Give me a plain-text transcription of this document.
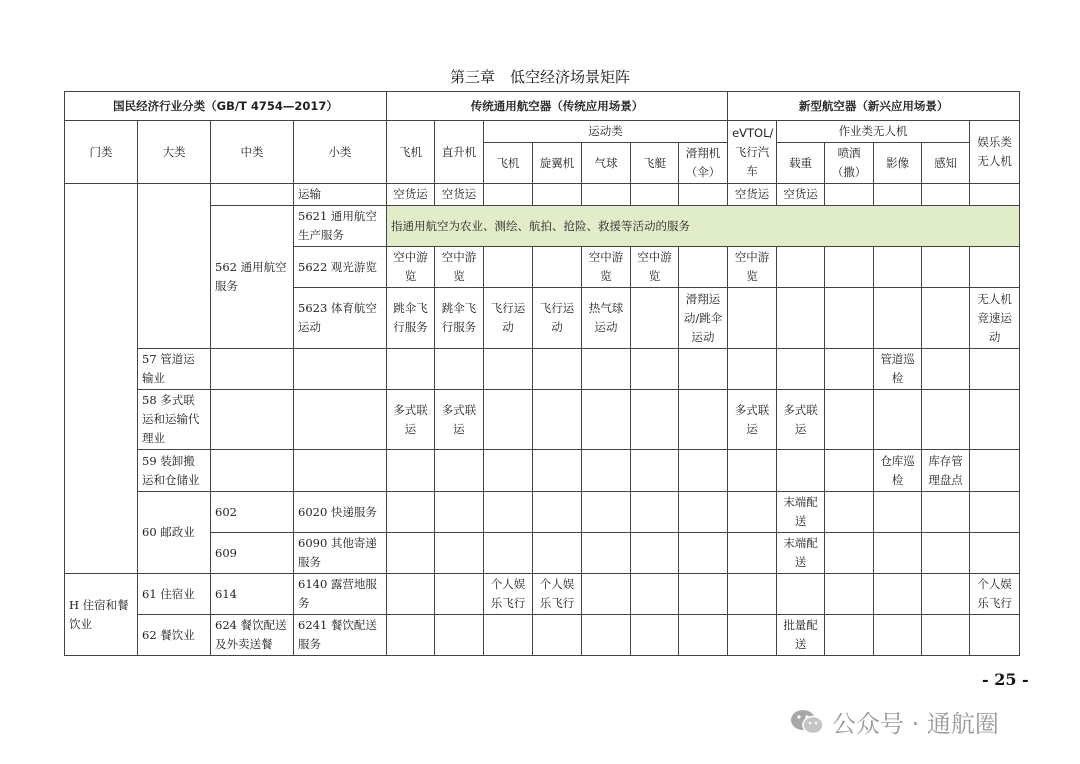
第三章　低空经济场景矩阵
国民经济行业分类（GB/T 4754—2017）				传统通用航空器（传统应用场景）							新型航空器（新兴应用场景）					
门类	大类	中类	小类	飞机	直升机	运动类					eVTOL/飞行汽车	作业类无人机				娱乐类无人机
						飞机	旋翼机	气球	飞艇	滑翔机（伞）		载重	喷洒（撒）	影像	感知	
			运输	空货运	空货运						空货运	空货运				
		562 通用航空服务	5621 通用航空生产服务	指通用航空为农业、测绘、航拍、抢险、救援等活动的服务												
			5622 观光游览	空中游览	空中游览			空中游览	空中游览		空中游览					
			5623 体育航空运动	跳伞飞行服务	跳伞飞行服务	飞行运动	飞行运动	热气球运动		滑翔运动/跳伞运动						无人机竞速运动
	57 管道运输业													管道巡检		
	58 多式联运和运输代理业			多式联运	多式联运						多式联运	多式联运				
	59 装卸搬运和仓储业													仓库巡检	库存管理盘点	
	60 邮政业	602	6020 快递服务									末端配送				
		609	6090 其他寄递服务									末端配送				
H 住宿和餐饮业	61 住宿业	614	6140 露营地服务			个人娱乐飞行	个人娱乐飞行									个人娱乐飞行
	62 餐饮业	624 餐饮配送及外卖送餐	6241 餐饮配送服务									批量配送				
- 25 -
公众号 · 通航圈
